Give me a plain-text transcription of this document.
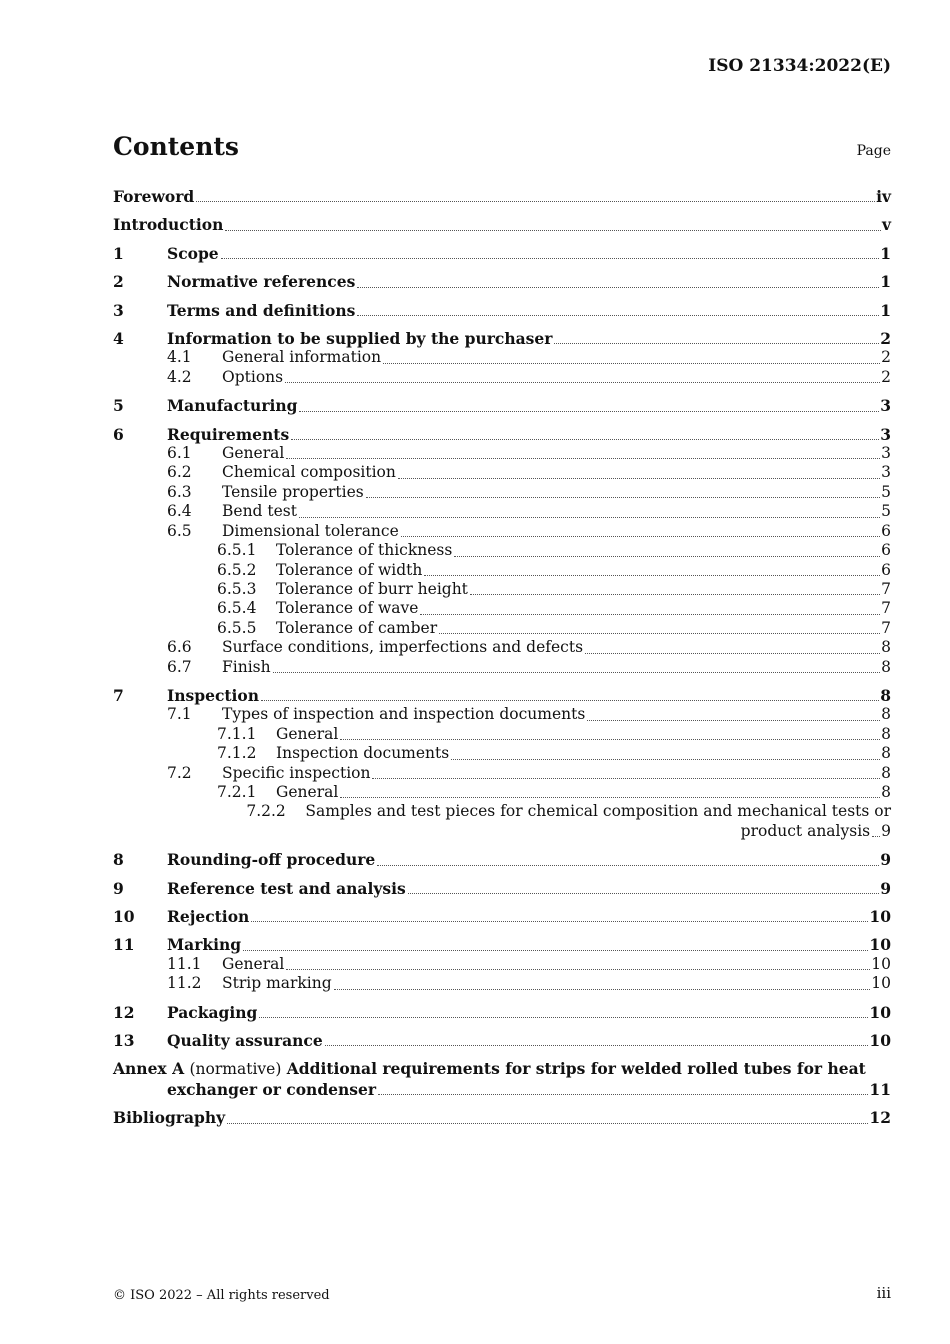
ISO 21334:2022(E)
Contents	Page
Foreword	iv
Introduction	v
1	Scope	1
2	Normative references	1
3	Terms and definitions	1
4	Information to be supplied by the purchaser	2
4.1	General information	2
4.2	Options	2
5	Manufacturing	3
6	Requirements	3
6.1	General	3
6.2	Chemical composition	3
6.3	Tensile properties	5
6.4	Bend test	5
6.5	Dimensional tolerance	6
6.5.1	Tolerance of thickness	6
6.5.2	Tolerance of width	6
6.5.3	Tolerance of burr height	7
6.5.4	Tolerance of wave	7
6.5.5	Tolerance of camber	7
6.6	Surface conditions, imperfections and defects	8
6.7	Finish	8
7	Inspection	8
7.1	Types of inspection and inspection documents	8
7.1.1	General	8
7.1.2	Inspection documents	8
7.2	Specific inspection	8
7.2.1	General	8
7.2.2	Samples and test pieces for chemical composition and mechanical tests or
product analysis 9
8	Rounding-off procedure	9
9	Reference test and analysis	9
10	Rejection	10
11	Marking	10
11.1	General	10
11.2	Strip marking	10
12	Packaging	10
13	Quality assurance	10
Annex A (normative) Additional requirements for strips for welded rolled tubes for heat
exchanger or condenser	11
Bibliography	12
© ISO 2022 – All rights reserved	iii
